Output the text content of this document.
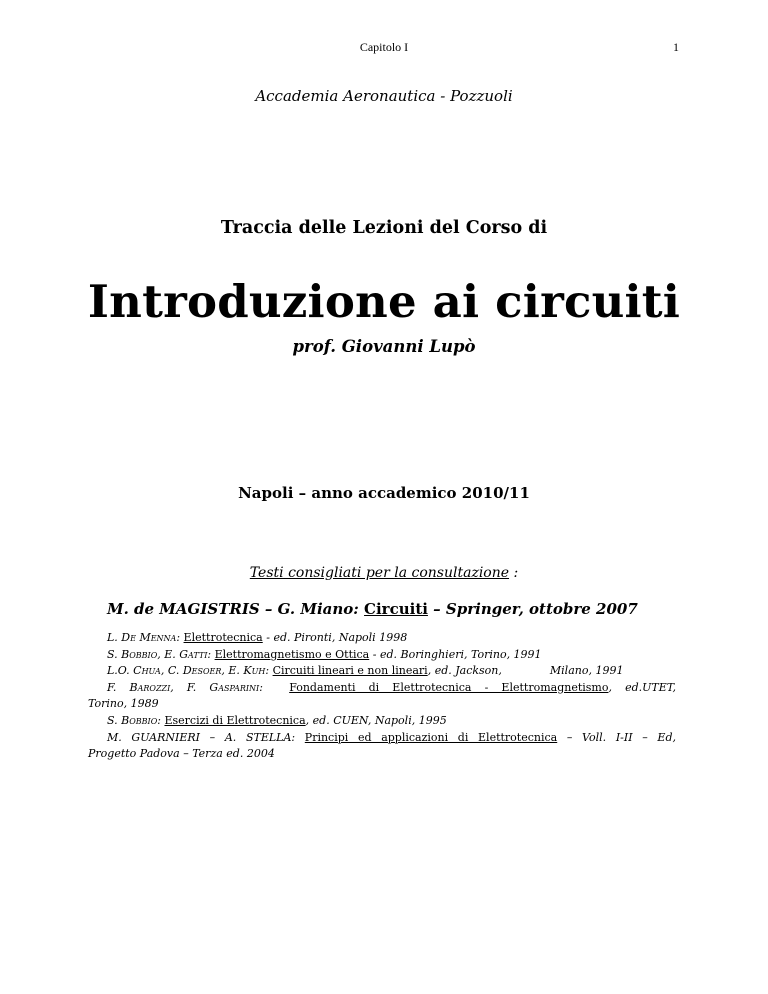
Capitolo I	1
Accademia Aeronautica - Pozzuoli
Traccia delle Lezioni del Corso di
Introduzione ai circuiti
prof. Giovanni Lupò
Napoli – anno accademico 2010/11
Testi consigliati per la consultazione :
M. de MAGISTRIS – G. Miano: Circuiti – Springer, ottobre 2007

L. De Menna: Elettrotecnica - ed. Pironti, Napoli 1998

S. Bobbio, E. Gatti: Elettromagnetismo e Ottica - ed. Boringhieri, Torino, 1991

L.O. Chua, C. Desoer, E. Kuh: Circuiti lineari e non lineari, ed. Jackson,	Milano, 1991

F. Barozzi, F. Gasparini: Fondamenti di Elettrotecnica - Elettromagnetismo, ed.UTET,

Torino, 1989

S. Bobbio: Esercizi di Elettrotecnica, ed. CUEN, Napoli, 1995

M. GUARNIERI – A. STELLA: Principi ed applicazioni di Elettrotecnica – Voll. I-II – Ed,

Progetto Padova – Terza ed. 2004
